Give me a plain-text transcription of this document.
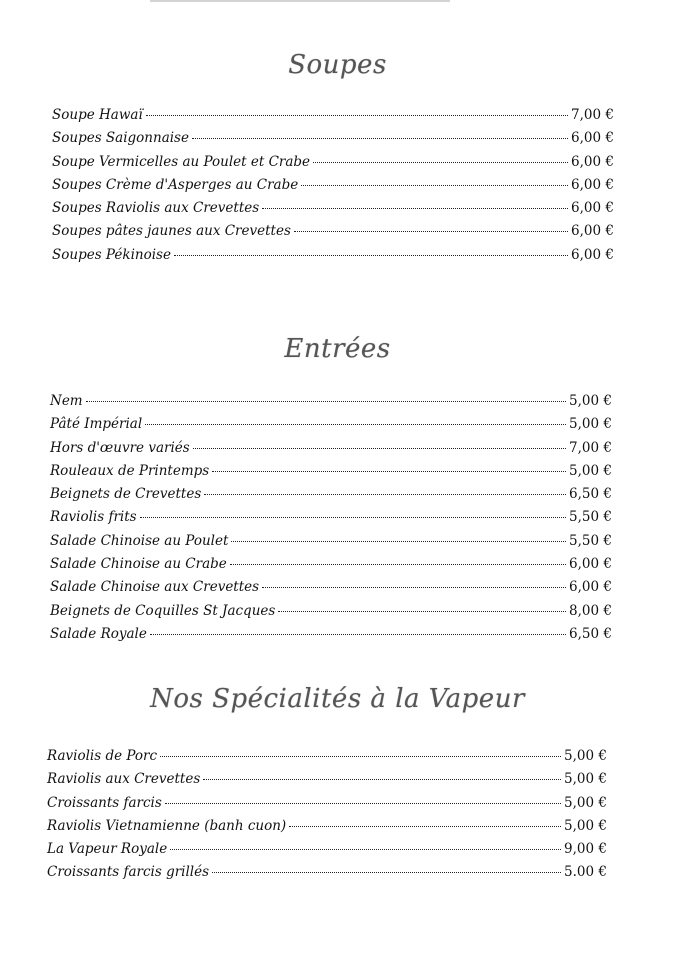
Soupes
Soupe Hawaï	7,00 €
Soupes Saigonnaise	6,00 €
Soupe Vermicelles au Poulet et Crabe	6,00 €
Soupes Crème d'Asperges au Crabe	6,00 €
Soupes Raviolis aux Crevettes	6,00 €
Soupes pâtes jaunes aux Crevettes	6,00 €
Soupes Pékinoise	6,00 €
Entrées
Nem	5,00 €
Pâté Impérial	5,00 €
Hors d'œuvre variés	7,00 €
Rouleaux de Printemps	5,00 €
Beignets de Crevettes	6,50 €
Raviolis frits	5,50 €
Salade Chinoise au Poulet	5,50 €
Salade Chinoise au Crabe	6,00 €
Salade Chinoise aux Crevettes	6,00 €
Beignets de Coquilles St Jacques	8,00 €
Salade Royale	6,50 €
Nos Spécialités à la Vapeur
Raviolis de Porc	5,00 €
Raviolis aux Crevettes	5,00 €
Croissants farcis	5,00 €
Raviolis Vietnamienne (banh cuon)	5,00 €
La Vapeur Royale	9,00 €
Croissants farcis grillés	5.00 €
